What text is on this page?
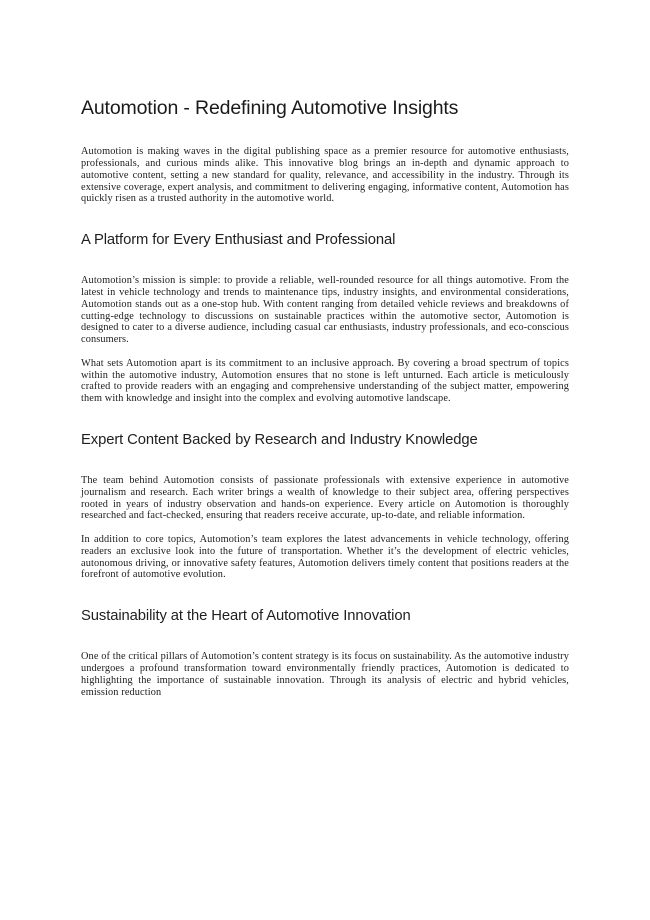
Automotion - Redefining Automotive Insights

Automotion is making waves in the digital publishing space as a premier resource for automotive enthusiasts, professionals, and curious minds alike. This innovative blog brings an in-depth and dynamic approach to automotive content, setting a new standard for quality, relevance, and accessibility in the industry. Through its extensive coverage, expert analysis, and commitment to delivering engaging, informative content, Automotion has quickly risen as a trusted authority in the automotive world.

A Platform for Every Enthusiast and Professional

Automotion’s mission is simple: to provide a reliable, well-rounded resource for all things automotive. From the latest in vehicle technology and trends to maintenance tips, industry insights, and environmental considerations, Automotion stands out as a one-stop hub. With content ranging from detailed vehicle reviews and breakdowns of cutting-edge technology to discussions on sustainable practices within the automotive sector, Automotion is designed to cater to a diverse audience, including casual car enthusiasts, industry professionals, and eco-conscious consumers.

What sets Automotion apart is its commitment to an inclusive approach. By covering a broad spectrum of topics within the automotive industry, Automotion ensures that no stone is left unturned. Each article is meticulously crafted to provide readers with an engaging and comprehensive understanding of the subject matter, empowering them with knowledge and insight into the complex and evolving automotive landscape.

Expert Content Backed by Research and Industry Knowledge

The team behind Automotion consists of passionate professionals with extensive experience in automotive journalism and research. Each writer brings a wealth of knowledge to their subject area, offering perspectives rooted in years of industry observation and hands-on experience. Every article on Automotion is thoroughly researched and fact-checked, ensuring that readers receive accurate, up-to-date, and reliable information.

In addition to core topics, Automotion’s team explores the latest advancements in vehicle technology, offering readers an exclusive look into the future of transportation. Whether it’s the development of electric vehicles, autonomous driving, or innovative safety features, Automotion delivers timely content that positions readers at the forefront of automotive evolution.

Sustainability at the Heart of Automotive Innovation

One of the critical pillars of Automotion’s content strategy is its focus on sustainability. As the automotive industry undergoes a profound transformation toward environmentally friendly practices, Automotion is dedicated to highlighting the importance of sustainable innovation. Through its analysis of electric and hybrid vehicles, emission reduction
